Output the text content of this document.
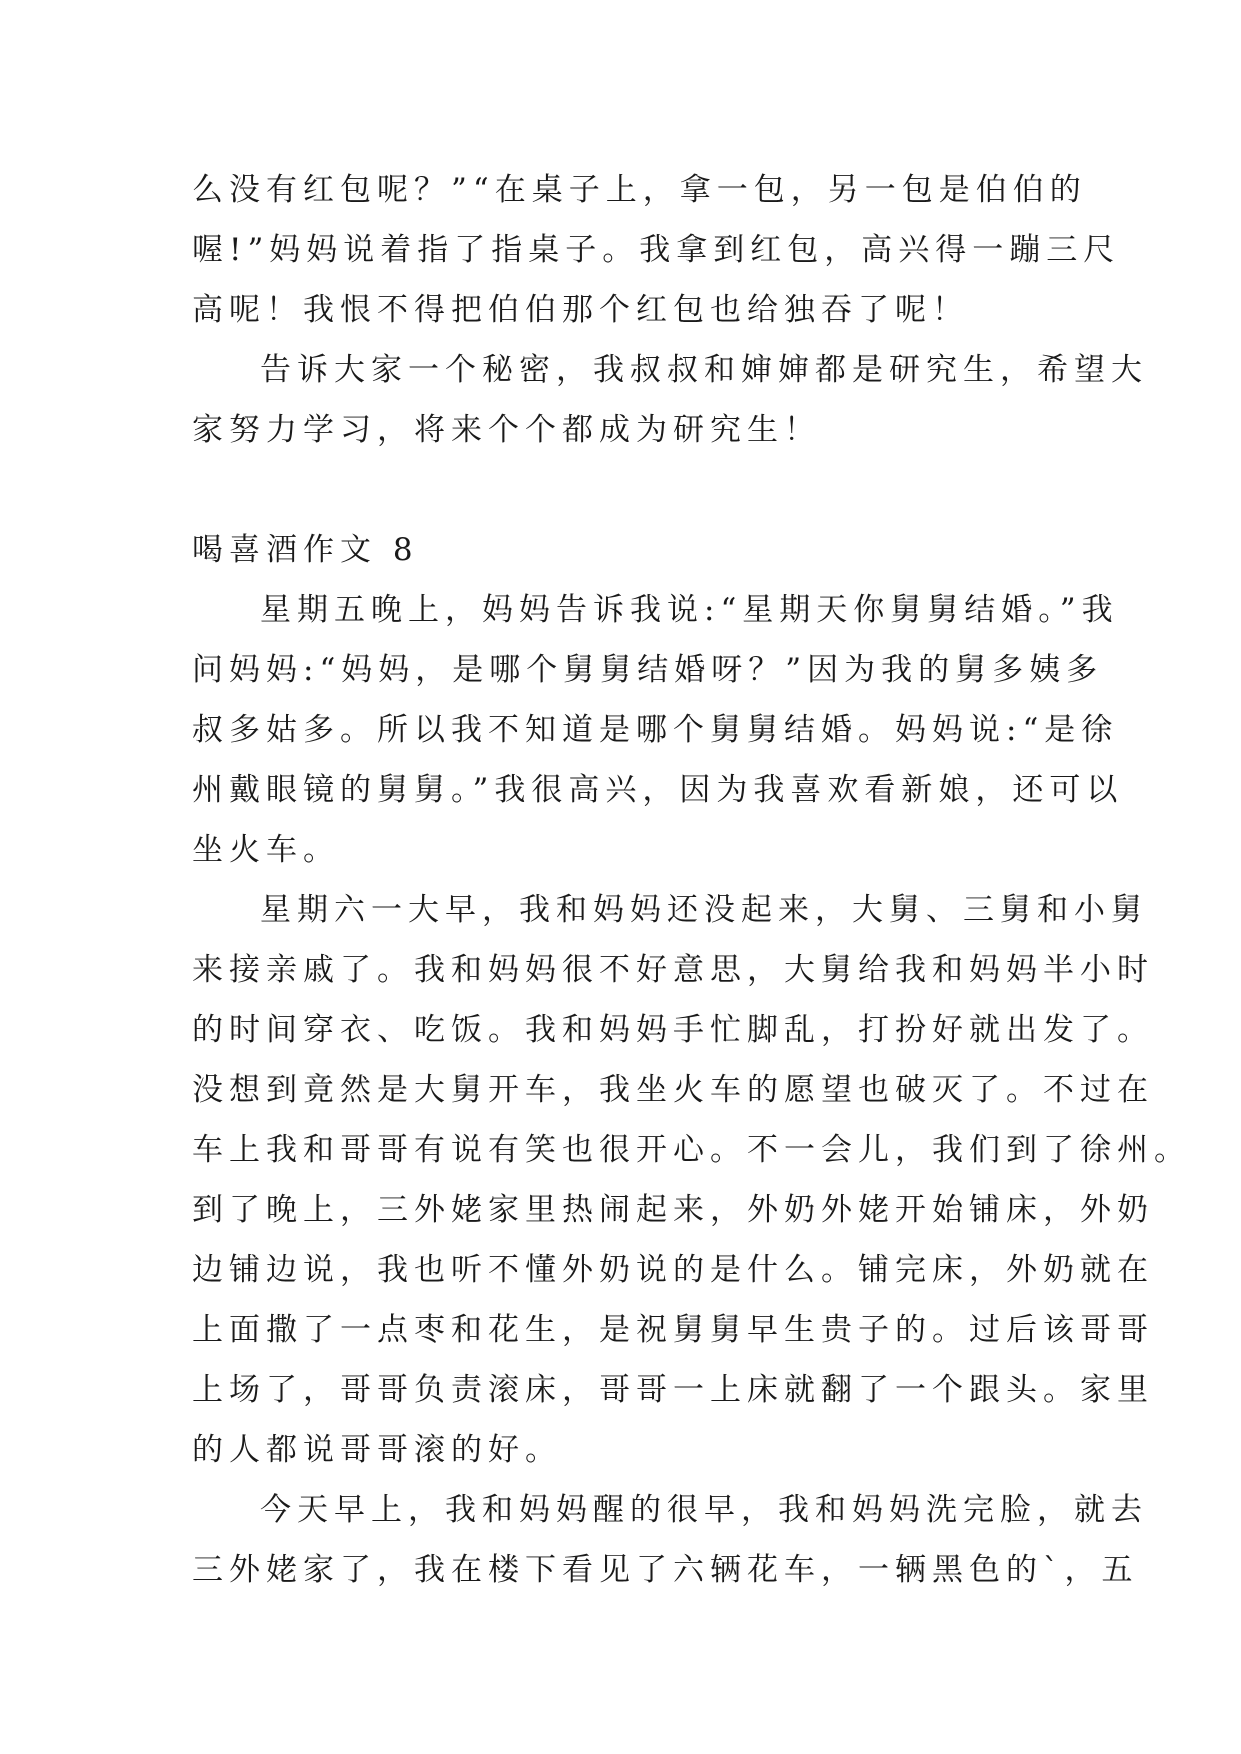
么没有红包呢？”“在桌子上，拿一包，另一包是伯伯的
喔!”妈妈说着指了指桌子。我拿到红包，高兴得一蹦三尺
高呢！我恨不得把伯伯那个红包也给独吞了呢！
告诉大家一个秘密，我叔叔和婶婶都是研究生，希望大
家努力学习，将来个个都成为研究生！
喝喜酒作文 8
星期五晚上，妈妈告诉我说:“星期天你舅舅结婚。”我
问妈妈:“妈妈，是哪个舅舅结婚呀？”因为我的舅多姨多
叔多姑多。所以我不知道是哪个舅舅结婚。妈妈说:“是徐
州戴眼镜的舅舅。”我很高兴，因为我喜欢看新娘，还可以
坐火车。
星期六一大早，我和妈妈还没起来，大舅、三舅和小舅
来接亲戚了。我和妈妈很不好意思，大舅给我和妈妈半小时
的时间穿衣、吃饭。我和妈妈手忙脚乱，打扮好就出发了。
没想到竟然是大舅开车，我坐火车的愿望也破灭了。不过在
车上我和哥哥有说有笑也很开心。不一会儿，我们到了徐州。
到了晚上，三外姥家里热闹起来，外奶外姥开始铺床，外奶
边铺边说，我也听不懂外奶说的是什么。铺完床，外奶就在
上面撒了一点枣和花生，是祝舅舅早生贵子的。过后该哥哥
上场了，哥哥负责滚床，哥哥一上床就翻了一个跟头。家里
的人都说哥哥滚的好。
今天早上，我和妈妈醒的很早，我和妈妈洗完脸，就去
三外姥家了，我在楼下看见了六辆花车，一辆黑色的`，五
